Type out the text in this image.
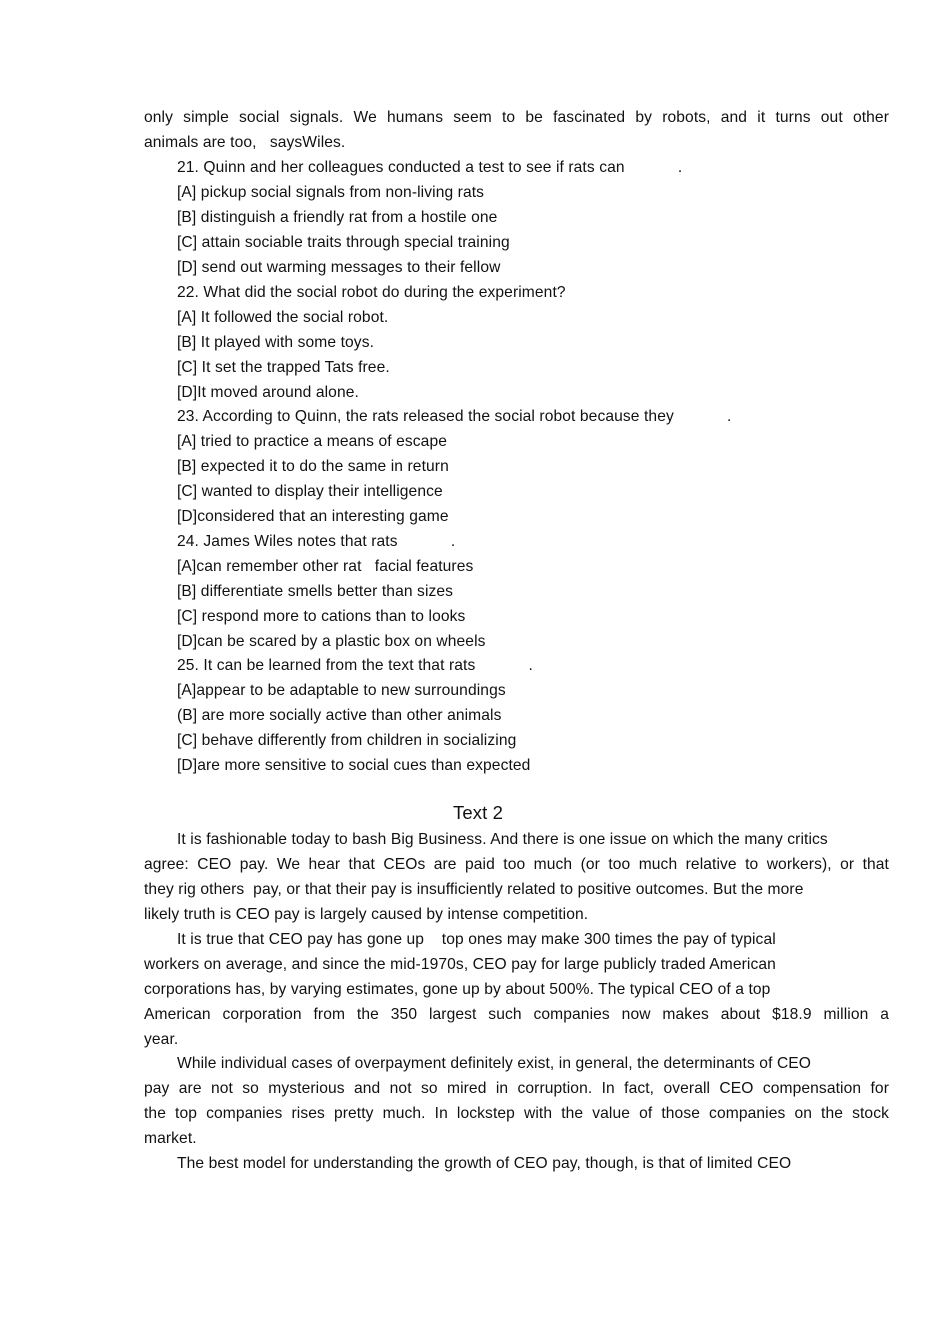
only simple social signals. We humans seem to be fascinated by robots, and it turns out other
animals are too,   saysWiles.
21. Quinn and her colleagues conducted a test to see if rats can            .
[A] pickup social signals from non-living rats
[B] distinguish a friendly rat from a hostile one
[C] attain sociable traits through special training
[D] send out warming messages to their fellow
22. What did the social robot do during the experiment?
[A] It followed the social robot.
[B] It played with some toys.
[C] It set the trapped Tats free.
[D]It moved around alone.
23. According to Quinn, the rats released the social robot because they            .
[A] tried to practice a means of escape
[B] expected it to do the same in return
[C] wanted to display their intelligence
[D]considered that an interesting game
24. James Wiles notes that rats            .
[A]can remember other rat   facial features
[B] differentiate smells better than sizes
[C] respond more to cations than to looks
[D]can be scared by a plastic box on wheels
25. It can be learned from the text that rats            .
[A]appear to be adaptable to new surroundings
(B] are more socially active than other animals
[C] behave differently from children in socializing
[D]are more sensitive to social cues than expected
Text 2
It is fashionable today to bash Big Business. And there is one issue on which the many critics
agree: CEO pay. We hear that CEOs are paid too much (or too much relative to workers), or that
they rig others  pay, or that their pay is insufficiently related to positive outcomes. But the more
likely truth is CEO pay is largely caused by intense competition.
It is true that CEO pay has gone up    top ones may make 300 times the pay of typical
workers on average, and since the mid-1970s, CEO pay for large publicly traded American
corporations has, by varying estimates, gone up by about 500%. The typical CEO of a top
American corporation from the 350 largest such companies now makes about $18.9 million a
year.
While individual cases of overpayment definitely exist, in general, the determinants of CEO
pay are not so mysterious and not so mired in corruption. In fact, overall CEO compensation for
the top companies rises pretty much. In lockstep with the value of those companies on the stock
market.
The best model for understanding the growth of CEO pay, though, is that of limited CEO
